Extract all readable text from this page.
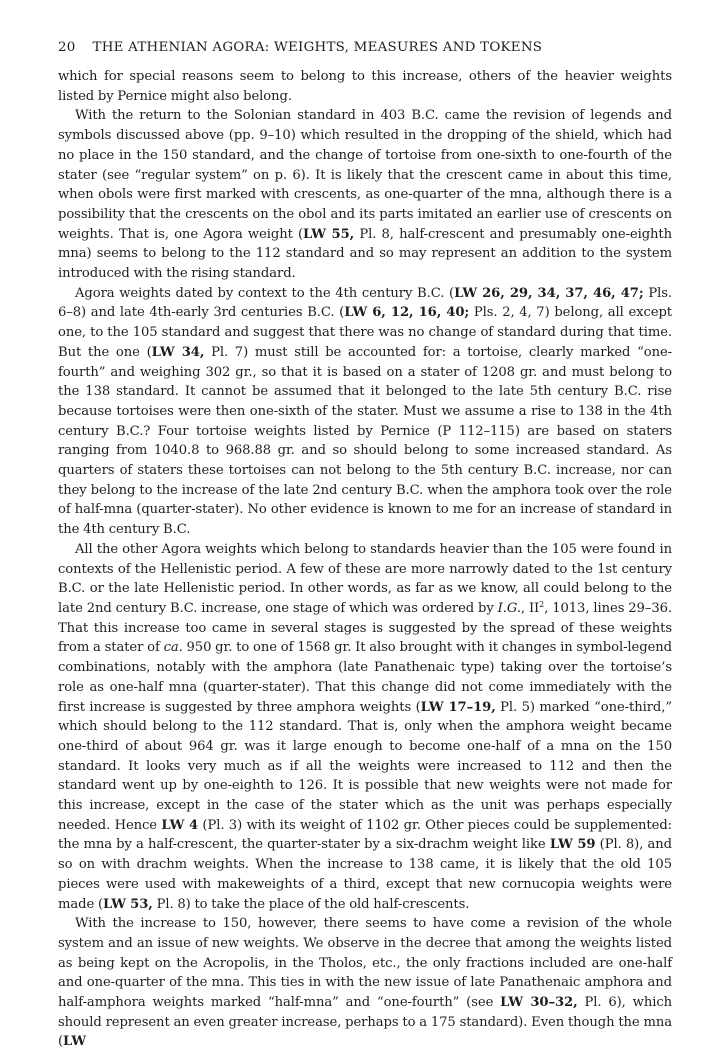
20 THE ATHENIAN AGORA: WEIGHTS, MEASURES AND TOKENS

which for special reasons seem to belong to this increase, others of the heavier weights listed by Pernice might also belong.

With the return to the Solonian standard in 403 B.C. came the revision of legends and symbols discussed above (pp. 9–10) which resulted in the dropping of the shield, which had no place in the 150 standard, and the change of tortoise from one-sixth to one-fourth of the stater (see “regular system” on p. 6). It is likely that the crescent came in about this time, when obols were first marked with crescents, as one-quarter of the mna, although there is a possibility that the crescents on the obol and its parts imitated an earlier use of crescents on weights. That is, one Agora weight (LW 55, Pl. 8, half-crescent and presumably one-eighth mna) seems to belong to the 112 standard and so may represent an addition to the system introduced with the rising standard.

Agora weights dated by context to the 4th century B.C. (LW 26, 29, 34, 37, 46, 47; Pls. 6–8) and late 4th-early 3rd centuries B.C. (LW 6, 12, 16, 40; Pls. 2, 4, 7) belong, all except one, to the 105 standard and suggest that there was no change of standard during that time. But the one (LW 34, Pl. 7) must still be accounted for: a tortoise, clearly marked “one-fourth” and weighing 302 gr., so that it is based on a stater of 1208 gr. and must belong to the 138 standard. It cannot be assumed that it belonged to the late 5th century B.C. rise because tortoises were then one-sixth of the stater. Must we assume a rise to 138 in the 4th century B.C.? Four tortoise weights listed by Pernice (P 112–115) are based on staters ranging from 1040.8 to 968.88 gr. and so should belong to some increased standard. As quarters of staters these tortoises can not belong to the 5th century B.C. increase, nor can they belong to the increase of the late 2nd century B.C. when the amphora took over the role of half-mna (quarter-stater). No other evidence is known to me for an increase of standard in the 4th century B.C.

All the other Agora weights which belong to standards heavier than the 105 were found in contexts of the Hellenistic period. A few of these are more narrowly dated to the 1st century B.C. or the late Hellenistic period. In other words, as far as we know, all could belong to the late 2nd century B.C. increase, one stage of which was ordered by I.G., $II^2$, 1013, lines 29–36. That this increase too came in several stages is suggested by the spread of these weights from a stater of ca. 950 gr. to one of 1568 gr. It also brought with it changes in symbol-legend combinations, notably with the amphora (late Panathenaic type) taking over the tortoise’s role as one-half mna (quarter-stater). That this change did not come immediately with the first increase is suggested by three amphora weights (LW 17–19, Pl. 5) marked “one-third,” which should belong to the 112 standard. That is, only when the amphora weight became one-third of about 964 gr. was it large enough to become one-half of a mna on the 150 standard. It looks very much as if all the weights were increased to 112 and then the standard went up by one-eighth to 126. It is possible that new weights were not made for this increase, except in the case of the stater which as the unit was perhaps especially needed. Hence LW 4 (Pl. 3) with its weight of 1102 gr. Other pieces could be supplemented: the mna by a half-crescent, the quarter-stater by a six-drachm weight like LW 59 (Pl. 8), and so on with drachm weights. When the increase to 138 came, it is likely that the old 105 pieces were used with makeweights of a third, except that new cornucopia weights were made (LW 53, Pl. 8) to take the place of the old half-crescents.

With the increase to 150, however, there seems to have come a revision of the whole system and an issue of new weights. We observe in the decree that among the weights listed as being kept on the Acropolis, in the Tholos, etc., the only fractions included are one-half and one-quarter of the mna. This ties in with the new issue of late Panathenaic amphora and half-amphora weights marked “half-mna” and “one-fourth” (see LW 30–32, Pl. 6), which should represent an even greater increase, perhaps to a 175 standard). Even though the mna (LW
